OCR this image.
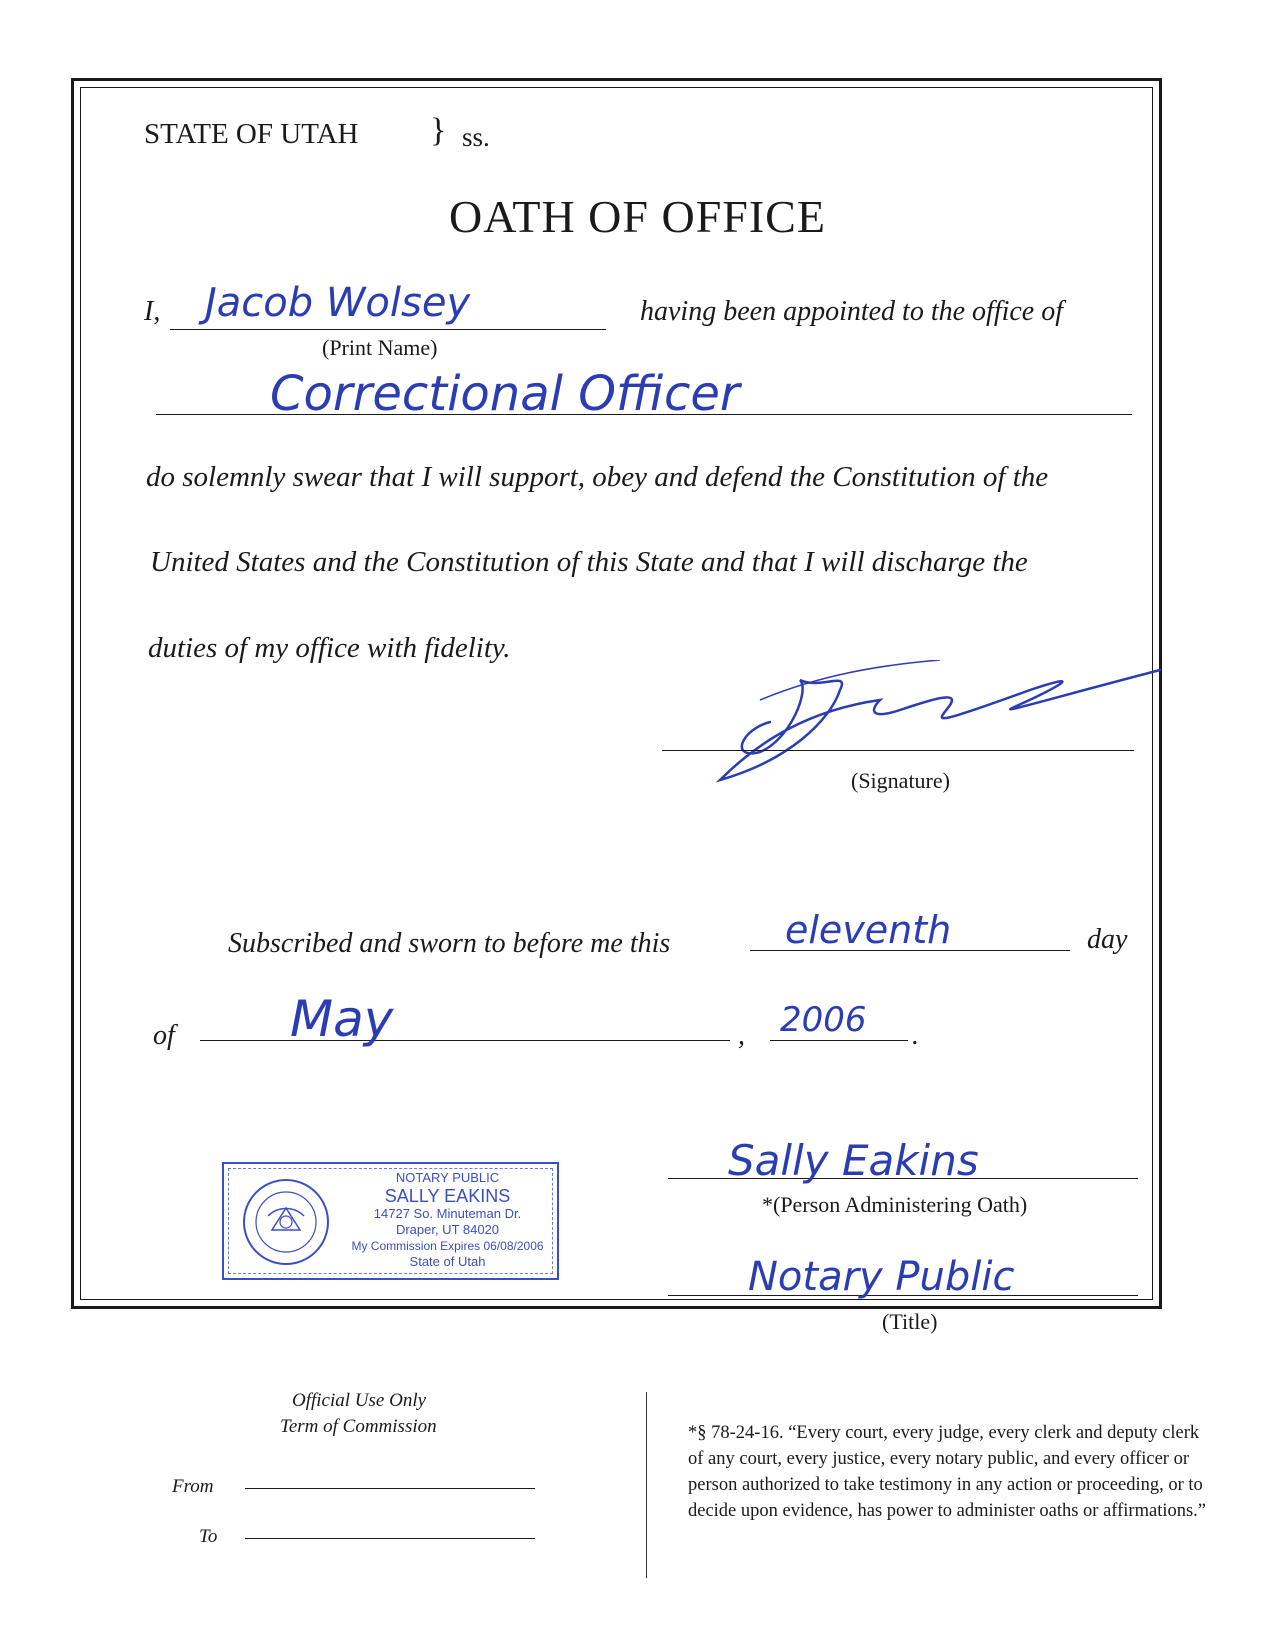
STATE OF UTAH } ss.
OATH OF OFFICE
I, Jacob Wolsey
(Print Name)
having been appointed to the office of
Correctional Officer
do solemnly swear that I will support, obey and defend the Constitution of the
United States and the Constitution of this State and that I will discharge the
duties of my office with fidelity.
(Signature)
Subscribed and sworn to before me this	eleventh	day
of May	, 2006 .
NOTARY PUBLIC
SALLY EAKINS
14727 So. Minuteman Dr.
Draper, UT 84020
My Commission Expires 06/08/2006
State of Utah
Sally Eakins
*(Person Administering Oath)
Notary Public
(Title)
Official Use Only
Term of Commission
From
To
*§ 78-24-16. “Every court, every judge, every clerk and deputy clerk of any court, every justice, every notary public, and every officer or person authorized to take testimony in any action or proceeding, or to decide upon evidence, has power to administer oaths or affirmations.”
